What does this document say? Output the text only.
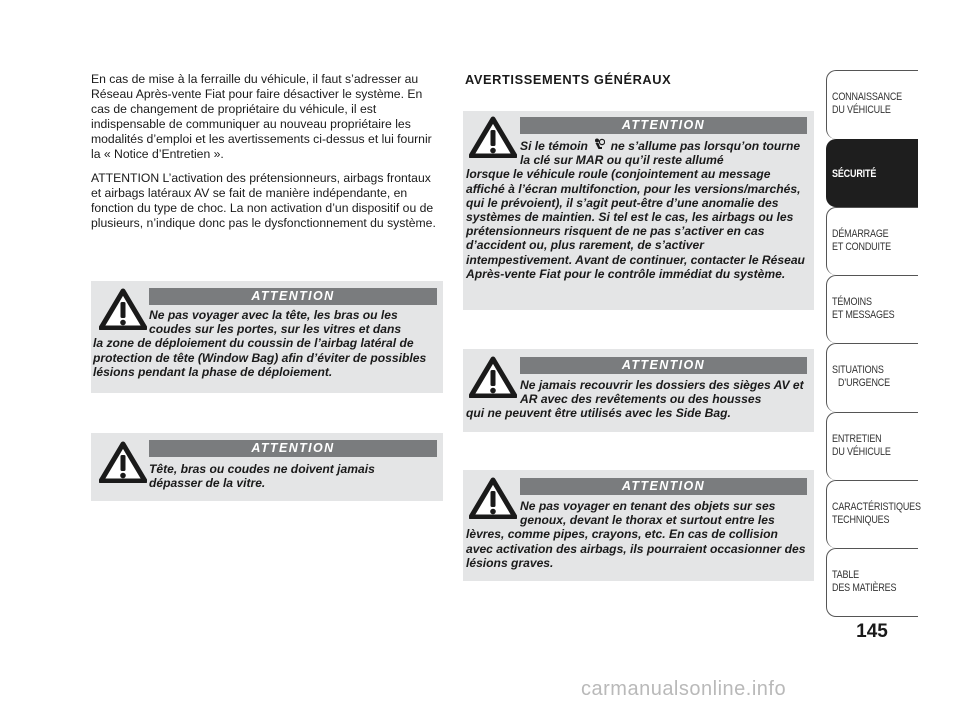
En cas de mise à la ferraille du véhicule, il faut s’adresser au Réseau Après-vente Fiat pour faire désactiver le système. En cas de changement de propriétaire du véhicule, il est indispensable de communiquer au nouveau propriétaire les modalités d’emploi et les avertissements ci-dessus et lui fournir la « Notice d’Entretien ».

ATTENTION L’activation des prétensionneurs, airbags frontaux et airbags latéraux AV se fait de manière indépendante, en fonction du type de choc. La non activation d’un dispositif ou de plusieurs, n’indique donc pas le dysfonctionnement du système.

AVERTISSEMENTS GÉNÉRAUX
ATTENTION
Ne pas voyager avec la tête, les bras ou les coudes sur les portes, sur les vitres et dans
la zone de déploiement du coussin de l’airbag latéral de protection de tête (Window Bag) afin d’éviter de possibles lésions pendant la phase de déploiement.
ATTENTION
Tête, bras ou coudes ne doivent jamais dépasser de la vitre.
ATTENTION
Si le témoin ne s’allume pas lorsqu’on tourne la clé sur MAR ou qu’il reste allumé
lorsque le véhicule roule (conjointement au message affiché à l’écran multifonction, pour les versions/marchés, qui le prévoient), il s’agit peut-être d’une anomalie des systèmes de maintien. Si tel est le cas, les airbags ou les prétensionneurs risquent de ne pas s’activer en cas d’accident ou, plus rarement, de s’activer intempestivement. Avant de continuer, contacter le Réseau Après-vente Fiat pour le contrôle immédiat du système.
ATTENTION
Ne jamais recouvrir les dossiers des sièges AV et AR avec des revêtements ou des housses
qui ne peuvent être utilisés avec les Side Bag.
ATTENTION
Ne pas voyager en tenant des objets sur ses genoux, devant le thorax et surtout entre les
lèvres, comme pipes, crayons, etc. En cas de collision avec activation des airbags, ils pourraient occasionner des lésions graves.
CONNAISSANCE
DU VÉHICULE
SÉCURITÉ
DÉMARRAGE
ET CONDUITE
TÉMOINS
ET MESSAGES
SITUATIONS
D’URGENCE
ENTRETIEN
DU VÉHICULE
CARACTÉRISTIQUES
TECHNIQUES
TABLE
DES MATIÈRES
145
carmanualsonline.info
